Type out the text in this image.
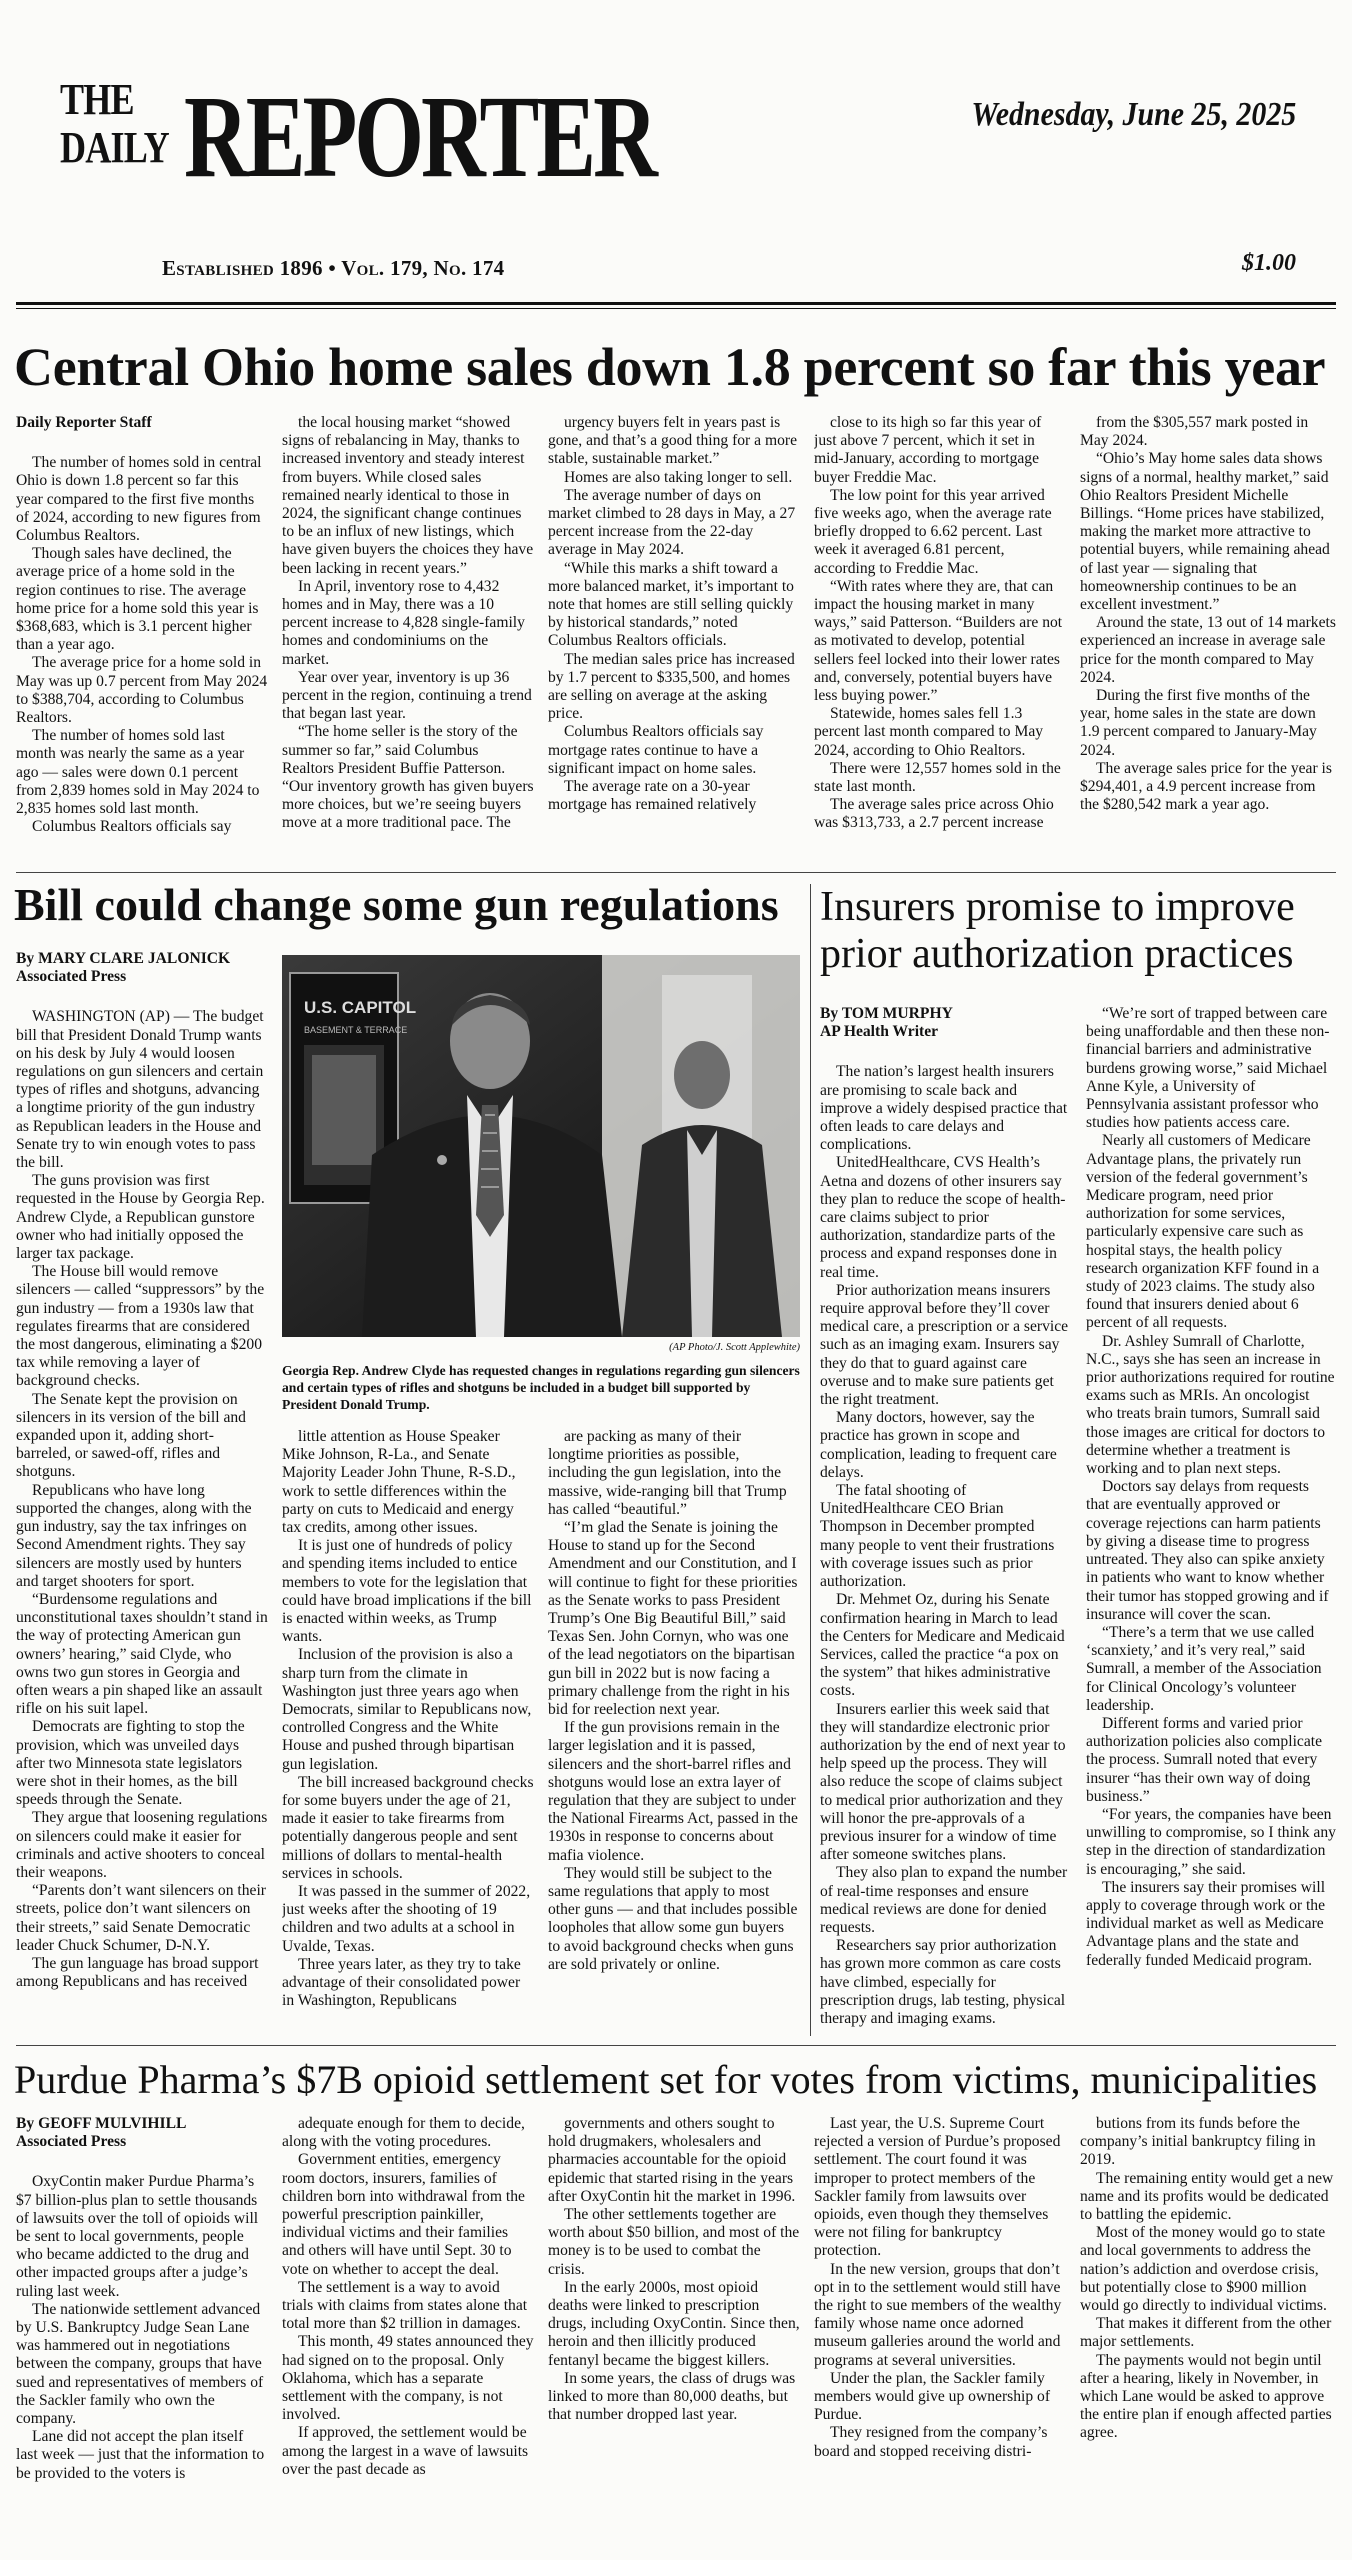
THE
DAILY REPORTER	Wednesday, June 25, 2025
Established 1896 • Vol. 179, No. 174	$1.00
Central Ohio home sales down 1.8 percent so far this year

Daily Reporter Staff

The number of homes sold in central Ohio is down 1.8 percent so far this year compared to the first five months of 2024, according to new figures from Columbus Realtors.

Though sales have declined, the average price of a home sold in the region continues to rise. The average home price for a home sold this year is $368,683, which is 3.1 percent higher than a year ago.

The average price for a home sold in May was up 0.7 percent from May 2024 to $388,704, according to Columbus Realtors.

The number of homes sold last month was nearly the same as a year ago — sales were down 0.1 percent from 2,839 homes sold in May 2024 to 2,835 homes sold last month.

Columbus Realtors officials say

the local housing market “showed signs of rebalancing in May, thanks to increased inventory and steady interest from buyers. While closed sales remained nearly identical to those in 2024, the significant change continues to be an influx of new listings, which have given buyers the choices they have been lacking in recent years.”

In April, inventory rose to 4,432 homes and in May, there was a 10 percent increase to 4,828 single-family homes and condominiums on the market.

Year over year, inventory is up 36 percent in the region, continuing a trend that began last year.

“The home seller is the story of the summer so far,” said Columbus Realtors President Buffie Patterson. “Our inventory growth has given buyers more choices, but we’re seeing buyers move at a more traditional pace. The

urgency buyers felt in years past is gone, and that’s a good thing for a more stable, sustainable market.”

Homes are also taking longer to sell.

The average number of days on market climbed to 28 days in May, a 27 percent increase from the 22-day average in May 2024.

“While this marks a shift toward a more balanced market, it’s important to note that homes are still selling quickly by historical standards,” noted Columbus Realtors officials.

The median sales price has increased by 1.7 percent to $335,500, and homes are selling on average at the asking price.

Columbus Realtors officials say mortgage rates continue to have a significant impact on home sales.

The average rate on a 30-year mortgage has remained relatively

close to its high so far this year of just above 7 percent, which it set in mid-January, according to mortgage buyer Freddie Mac.

The low point for this year arrived five weeks ago, when the average rate briefly dropped to 6.62 percent. Last week it averaged 6.81 percent, according to Freddie Mac.

“With rates where they are, that can impact the housing market in many ways,” said Patterson. “Builders are not as motivated to develop, potential sellers feel locked into their lower rates and, conversely, potential buyers have less buying power.”

Statewide, homes sales fell 1.3 percent last month compared to May 2024, according to Ohio Realtors.

There were 12,557 homes sold in the state last month.

The average sales price across Ohio was $313,733, a 2.7 percent increase

from the $305,557 mark posted in May 2024.

“Ohio’s May home sales data shows signs of a normal, healthy market,” said Ohio Realtors President Michelle Billings. “Home prices have stabilized, making the market more attractive to potential buyers, while remaining ahead of last year — signaling that homeownership continues to be an excellent investment.”

Around the state, 13 out of 14 markets experienced an increase in average sale price for the month compared to May 2024.

During the first five months of the year, home sales in the state are down 1.9 percent compared to January-May 2024.

The average sales price for the year is $294,401, a 4.9 percent increase from the $280,542 mark a year ago.

Bill could change some gun regulations

By MARY CLARE JALONICK
Associated Press

WASHINGTON (AP) — The budget bill that President Donald Trump wants on his desk by July 4 would loosen regulations on gun silencers and certain types of rifles and shotguns, advancing a longtime priority of the gun industry as Republican leaders in the House and Senate try to win enough votes to pass the bill.

The guns provision was first requested in the House by Georgia Rep. Andrew Clyde, a Republican gunstore owner who had initially opposed the larger tax package.

The House bill would remove silencers — called “suppressors” by the gun industry — from a 1930s law that regulates firearms that are considered the most dangerous, eliminating a $200 tax while removing a layer of background checks.

The Senate kept the provision on silencers in its version of the bill and expanded upon it, adding short-barreled, or sawed-off, rifles and shotguns.

Republicans who have long supported the changes, along with the gun industry, say the tax infringes on Second Amendment rights. They say silencers are mostly used by hunters and target shooters for sport.

“Burdensome regulations and unconstitutional taxes shouldn’t stand in the way of protecting American gun owners’ hearing,” said Clyde, who owns two gun stores in Georgia and often wears a pin shaped like an assault rifle on his suit lapel.

Democrats are fighting to stop the provision, which was unveiled days after two Minnesota state legislators were shot in their homes, as the bill speeds through the Senate.

They argue that loosening regulations on silencers could make it easier for criminals and active shooters to conceal their weapons.

“Parents don’t want silencers on their streets, police don’t want silencers on their streets,” said Senate Democratic leader Chuck Schumer, D-N.Y.

The gun language has broad support among Republicans and has received

U.S. CAPITOL
BASEMENT & TERRACE
(AP Photo/J. Scott Applewhite)
Georgia Rep. Andrew Clyde has requested changes in regulations regarding gun silencers and certain types of rifles and shotguns be included in a budget bill supported by President Donald Trump.

little attention as House Speaker Mike Johnson, R-La., and Senate Majority Leader John Thune, R-S.D., work to settle differences within the party on cuts to Medicaid and energy tax credits, among other issues.

It is just one of hundreds of policy and spending items included to entice members to vote for the legislation that could have broad implications if the bill is enacted within weeks, as Trump wants.

Inclusion of the provision is also a sharp turn from the climate in Washington just three years ago when Democrats, similar to Republicans now, controlled Congress and the White House and pushed through bipartisan gun legislation.

The bill increased background checks for some buyers under the age of 21, made it easier to take firearms from potentially dangerous people and sent millions of dollars to mental-health services in schools.

It was passed in the summer of 2022, just weeks after the shooting of 19 children and two adults at a school in Uvalde, Texas.

Three years later, as they try to take advantage of their consolidated power in Washington, Republicans

are packing as many of their longtime priorities as possible, including the gun legislation, into the massive, wide-ranging bill that Trump has called “beautiful.”

“I’m glad the Senate is joining the House to stand up for the Second Amendment and our Constitution, and I will continue to fight for these priorities as the Senate works to pass President Trump’s One Big Beautiful Bill,” said Texas Sen. John Cornyn, who was one of the lead negotiators on the bipartisan gun bill in 2022 but is now facing a primary challenge from the right in his bid for reelection next year.

If the gun provisions remain in the larger legislation and it is passed, silencers and the short-barrel rifles and shotguns would lose an extra layer of regulation that they are subject to under the National Firearms Act, passed in the 1930s in response to concerns about mafia violence.

They would still be subject to the same regulations that apply to most other guns — and that includes possible loopholes that allow some gun buyers to avoid background checks when guns are sold privately or online.

Insurers promise to improve prior authorization practices

By TOM MURPHY
AP Health Writer

The nation’s largest health insurers are promising to scale back and improve a widely despised practice that often leads to care delays and complications.

UnitedHealthcare, CVS Health’s Aetna and dozens of other insurers say they plan to reduce the scope of health-care claims subject to prior authorization, standardize parts of the process and expand responses done in real time.

Prior authorization means insurers require approval before they’ll cover medical care, a prescription or a service such as an imaging exam. Insurers say they do that to guard against care overuse and to make sure patients get the right treatment.

Many doctors, however, say the practice has grown in scope and complication, leading to frequent care delays.

The fatal shooting of UnitedHealthcare CEO Brian Thompson in December prompted many people to vent their frustrations with coverage issues such as prior authorization.

Dr. Mehmet Oz, during his Senate confirmation hearing in March to lead the Centers for Medicare and Medicaid Services, called the practice “a pox on the system” that hikes administrative costs.

Insurers earlier this week said that they will standardize electronic prior authorization by the end of next year to help speed up the process. They will also reduce the scope of claims subject to medical prior authorization and they will honor the pre-approvals of a previous insurer for a window of time after someone switches plans.

They also plan to expand the number of real-time responses and ensure medical reviews are done for denied requests.

Researchers say prior authorization has grown more common as care costs have climbed, especially for prescription drugs, lab testing, physical therapy and imaging exams.

“We’re sort of trapped between care being unaffordable and then these non-financial barriers and administrative burdens growing worse,” said Michael Anne Kyle, a University of Pennsylvania assistant professor who studies how patients access care.

Nearly all customers of Medicare Advantage plans, the privately run version of the federal government’s Medicare program, need prior authorization for some services, particularly expensive care such as hospital stays, the health policy research organization KFF found in a study of 2023 claims. The study also found that insurers denied about 6 percent of all requests.

Dr. Ashley Sumrall of Charlotte, N.C., says she has seen an increase in prior authorizations required for routine exams such as MRIs. An oncologist who treats brain tumors, Sumrall said those images are critical for doctors to determine whether a treatment is working and to plan next steps.

Doctors say delays from requests that are eventually approved or coverage rejections can harm patients by giving a disease time to progress untreated. They also can spike anxiety in patients who want to know whether their tumor has stopped growing and if insurance will cover the scan.

“There’s a term that we use called ‘scanxiety,’ and it’s very real,” said Sumrall, a member of the Association for Clinical Oncology’s volunteer leadership.

Different forms and varied prior authorization policies also complicate the process. Sumrall noted that every insurer “has their own way of doing business.”

“For years, the companies have been unwilling to compromise, so I think any step in the direction of standardization is encouraging,” she said.

The insurers say their promises will apply to coverage through work or the individual market as well as Medicare Advantage plans and the state and federally funded Medicaid program.

Purdue Pharma’s $7B opioid settlement set for votes from victims, municipalities

By GEOFF MULVIHILL
Associated Press

OxyContin maker Purdue Pharma’s $7 billion-plus plan to settle thousands of lawsuits over the toll of opioids will be sent to local governments, people who became addicted to the drug and other impacted groups after a judge’s ruling last week.

The nationwide settlement advanced by U.S. Bankruptcy Judge Sean Lane was hammered out in negotiations between the company, groups that have sued and representatives of members of the Sackler family who own the company.

Lane did not accept the plan itself last week — just that the information to be provided to the voters is

adequate enough for them to decide, along with the voting procedures.

Government entities, emergency room doctors, insurers, families of children born into withdrawal from the powerful prescription painkiller, individual victims and their families and others will have until Sept. 30 to vote on whether to accept the deal.

The settlement is a way to avoid trials with claims from states alone that total more than $2 trillion in damages.

This month, 49 states announced they had signed on to the proposal. Only Oklahoma, which has a separate settlement with the company, is not involved.

If approved, the settlement would be among the largest in a wave of lawsuits over the past decade as

governments and others sought to hold drugmakers, wholesalers and pharmacies accountable for the opioid epidemic that started rising in the years after OxyContin hit the market in 1996.

The other settlements together are worth about $50 billion, and most of the money is to be used to combat the crisis.

In the early 2000s, most opioid deaths were linked to prescription drugs, including OxyContin. Since then, heroin and then illicitly produced fentanyl became the biggest killers.

In some years, the class of drugs was linked to more than 80,000 deaths, but that number dropped last year.

Last year, the U.S. Supreme Court rejected a version of Purdue’s proposed settlement. The court found it was improper to protect members of the Sackler family from lawsuits over opioids, even though they themselves were not filing for bankruptcy protection.

In the new version, groups that don’t opt in to the settlement would still have the right to sue members of the wealthy family whose name once adorned museum galleries around the world and programs at several universities.

Under the plan, the Sackler family members would give up ownership of Purdue.

They resigned from the company’s board and stopped receiving distri-

butions from its funds before the company’s initial bankruptcy filing in 2019.

The remaining entity would get a new name and its profits would be dedicated to battling the epidemic.

Most of the money would go to state and local governments to address the nation’s addiction and overdose crisis, but potentially close to $900 million would go directly to individual victims.

That makes it different from the other major settlements.

The payments would not begin until after a hearing, likely in November, in which Lane would be asked to approve the entire plan if enough affected parties agree.
